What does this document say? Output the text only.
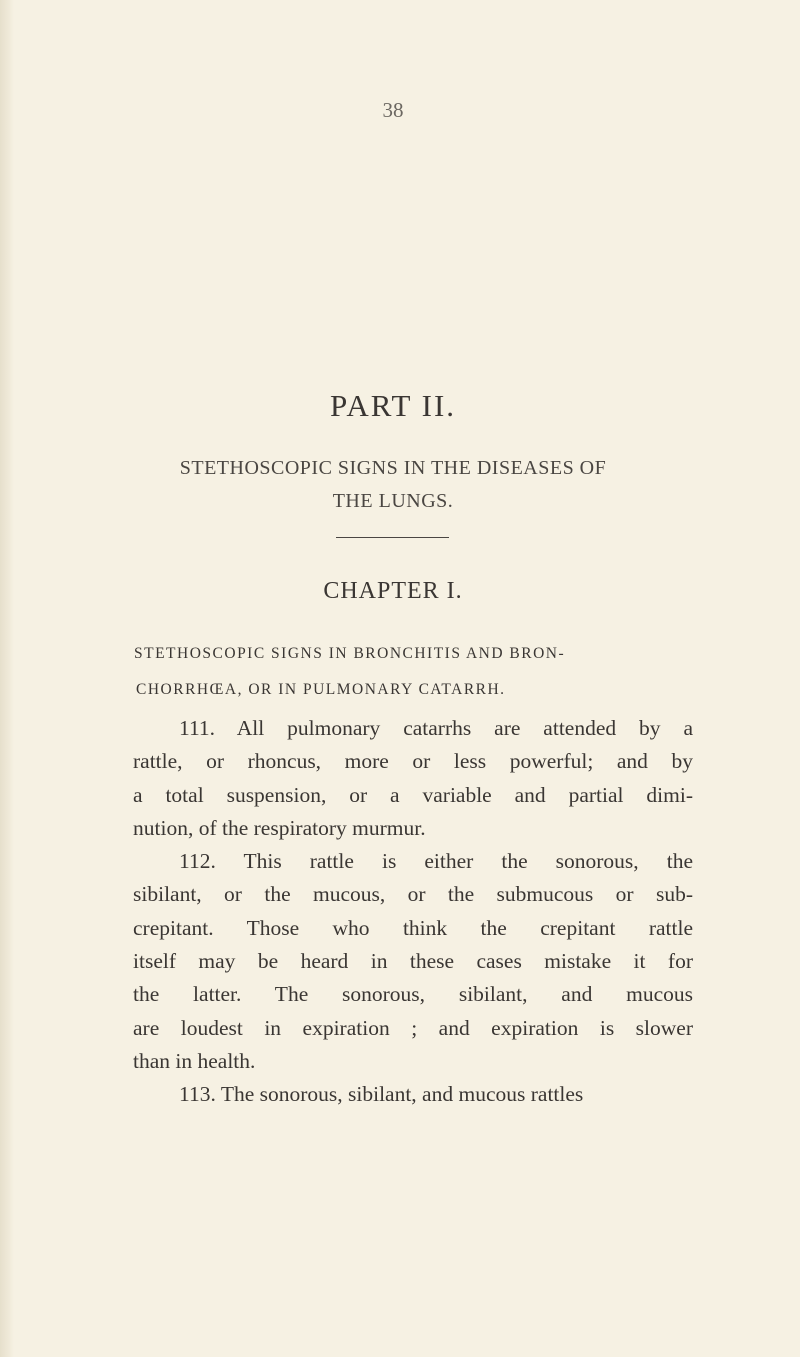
38
PART II.
STETHOSCOPIC SIGNS IN THE DISEASES OF
THE LUNGS.
CHAPTER I.
STETHOSCOPIC SIGNS IN BRONCHITIS AND BRON-
CHORRHŒA, OR IN PULMONARY CATARRH.
111. All pulmonary catarrhs are attended by a
rattle, or rhoncus, more or less powerful; and by
a total suspension, or a variable and partial dimi-
nution, of the respiratory murmur.
112. This rattle is either the sonorous, the
sibilant, or the mucous, or the submucous or sub-
crepitant. Those who think the crepitant rattle
itself may be heard in these cases mistake it for
the latter. The sonorous, sibilant, and mucous
are loudest in expiration ; and expiration is slower
than in health.
113. The sonorous, sibilant, and mucous rattles
